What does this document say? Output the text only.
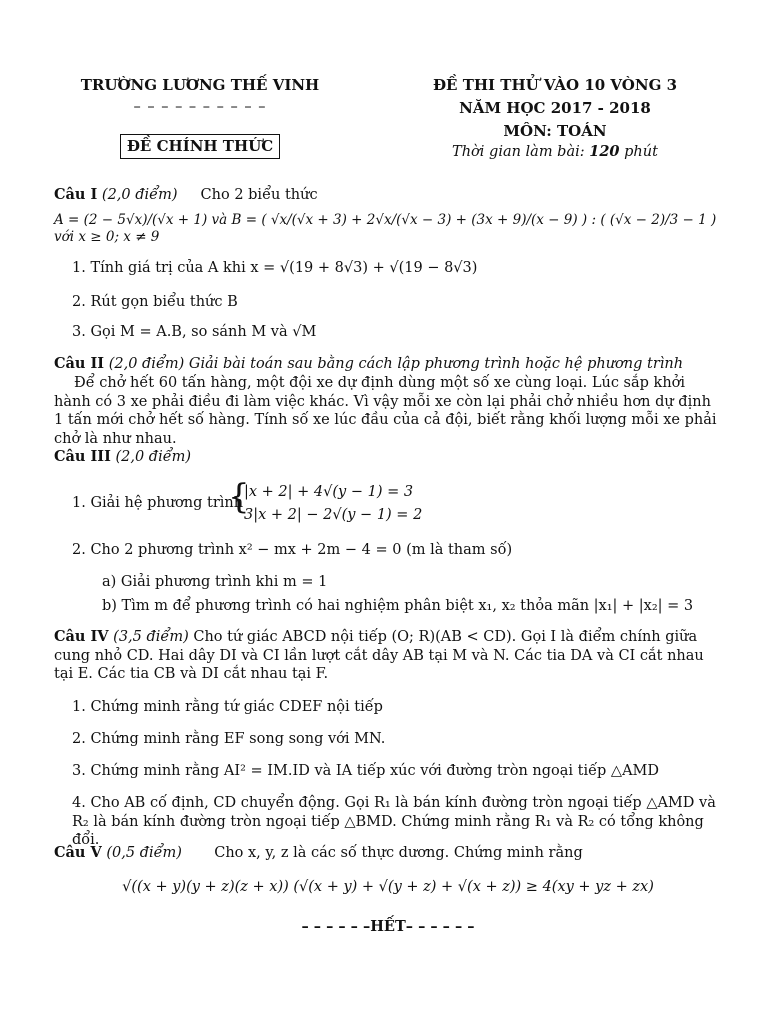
TRƯỜNG LƯƠNG THẾ VINH
– – – – – – – – – –
ĐỀ CHÍNH THỨC
ĐỀ THI THỬ VÀO 10 VÒNG 3
NĂM HỌC 2017 - 2018
MÔN: TOÁN
Thời gian làm bài: 120 phút
Câu I (2,0 điểm) Cho 2 biểu thức
A = (2 − 5√x)/(√x + 1) và B = ( √x/(√x + 3) + 2√x/(√x − 3) + (3x + 9)/(x − 9) ) : ( (√x − 2)/3 − 1 ) với x ≥ 0; x ≠ 9
1. Tính giá trị của A khi x = √(19 + 8√3) + √(19 − 8√3)
2. Rút gọn biểu thức B
3. Gọi M = A.B, so sánh M và √M
Câu II (2,0 điểm) Giải bài toán sau bằng cách lập phương trình hoặc hệ phương trình
Để chở hết 60 tấn hàng, một đội xe dự định dùng một số xe cùng loại. Lúc sắp khởi hành có 3 xe phải điều đi làm việc khác. Vì vậy mỗi xe còn lại phải chở nhiều hơn dự định 1 tấn mới chở hết số hàng. Tính số xe lúc đầu của cả đội, biết rằng khối lượng mỗi xe phải chở là như nhau.
Câu III (2,0 điểm)
1. Giải hệ phương trình
{
|x + 2| + 4√(y − 1) = 3
3|x + 2| − 2√(y − 1) = 2
2. Cho 2 phương trình x² − mx + 2m − 4 = 0 (m là tham số)
a) Giải phương trình khi m = 1
b) Tìm m để phương trình có hai nghiệm phân biệt x₁, x₂ thỏa mãn |x₁| + |x₂| = 3
Câu IV (3,5 điểm) Cho tứ giác ABCD nội tiếp (O; R)(AB < CD). Gọi I là điểm chính giữa cung nhỏ CD. Hai dây DI và CI lần lượt cắt dây AB tại M và N. Các tia DA và CI cắt nhau tại E. Các tia CB và DI cắt nhau tại F.
1. Chứng minh rằng tứ giác CDEF nội tiếp
2. Chứng minh rằng EF song song với MN.
3. Chứng minh rằng AI² = IM.ID và IA tiếp xúc với đường tròn ngoại tiếp △AMD
4. Cho AB cố định, CD chuyển động. Gọi R₁ là bán kính đường tròn ngoại tiếp △AMD và R₂ là bán kính đường tròn ngoại tiếp △BMD. Chứng minh rằng R₁ và R₂ có tổng không đổi.
Câu V (0,5 điểm) Cho x, y, z là các số thực dương. Chứng minh rằng
√((x + y)(y + z)(z + x)) (√(x + y) + √(y + z) + √(x + z)) ≥ 4(xy + yz + zx)
– – – – – –HẾT– – – – – –
